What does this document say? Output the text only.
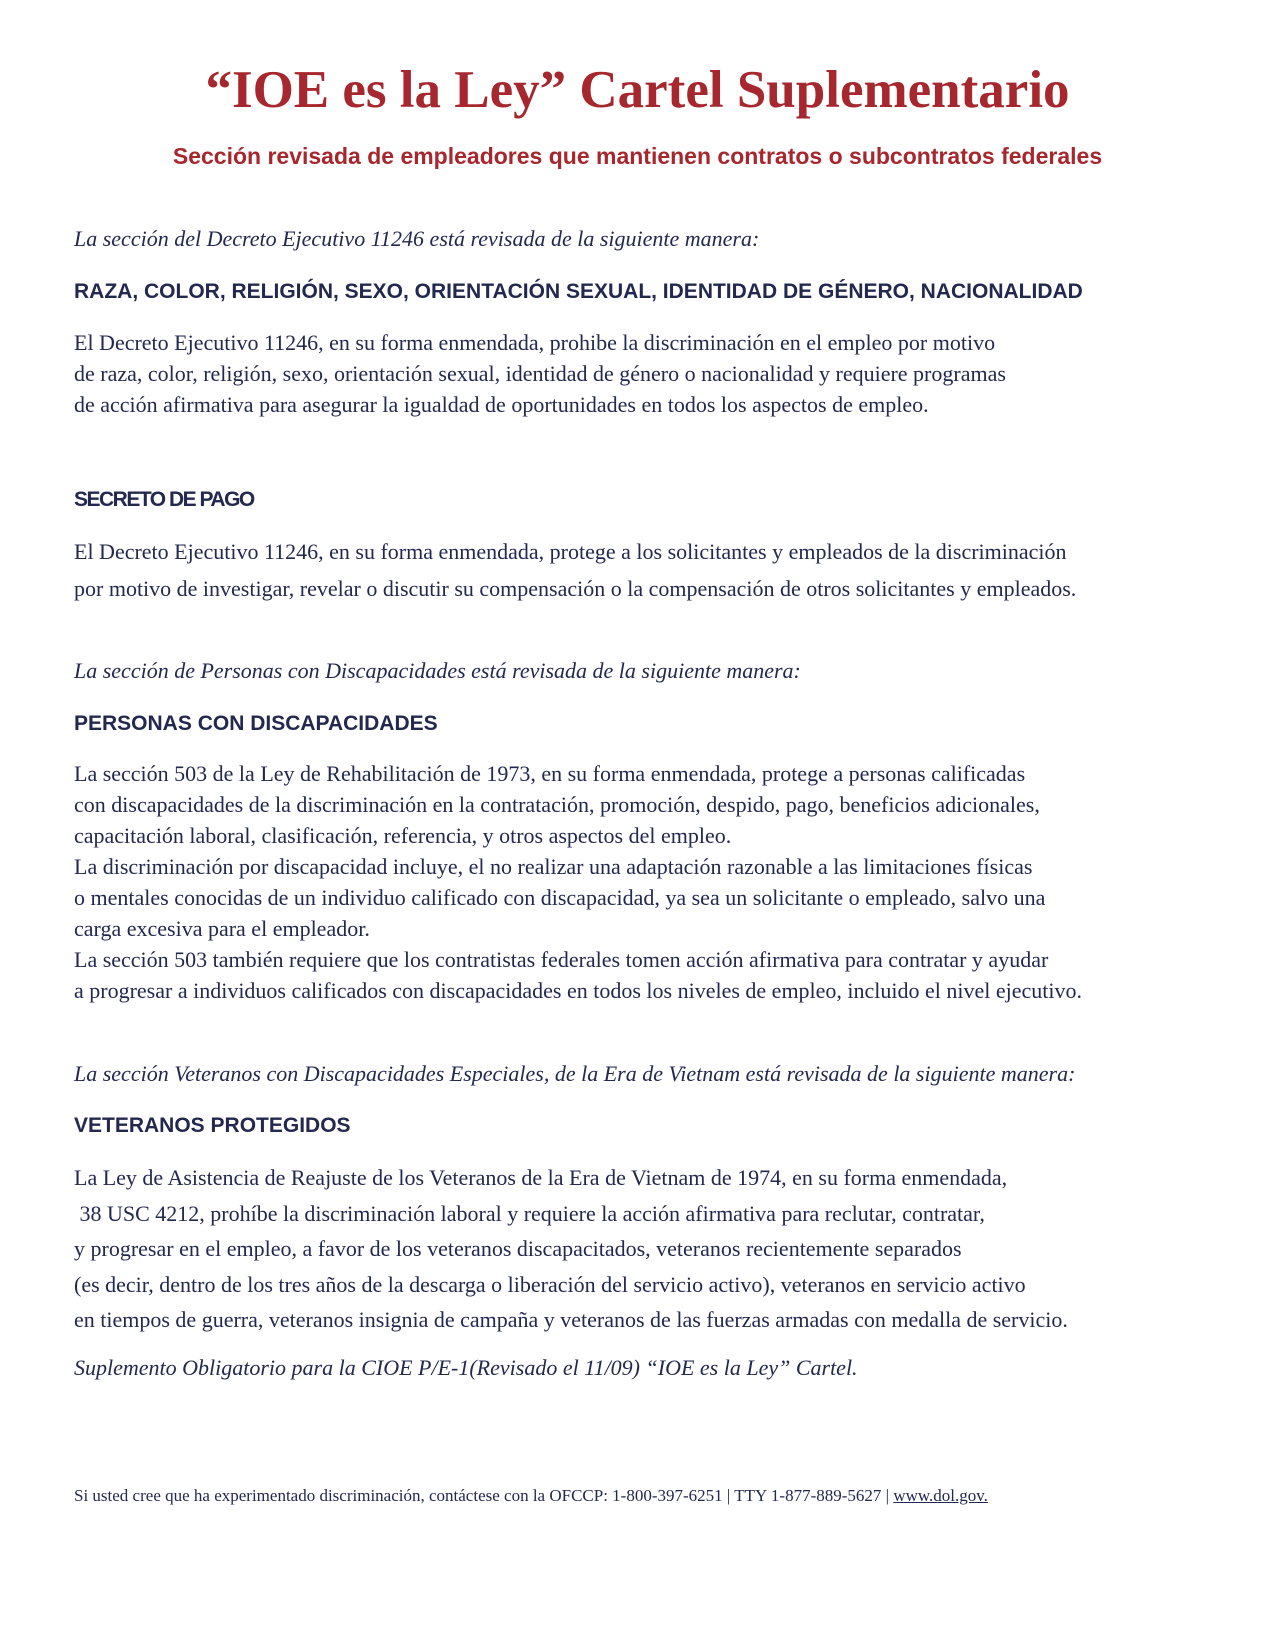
“IOE es la Ley” Cartel Suplementario
Sección revisada de empleadores que mantienen contratos o subcontratos federales

La sección del Decreto Ejecutivo 11246 está revisada de la siguiente manera:

RAZA, COLOR, RELIGIÓN, SEXO, ORIENTACIÓN SEXUAL, IDENTIDAD DE GÉNERO, NACIONALIDAD
El Decreto Ejecutivo 11246, en su forma enmendada, prohibe la discriminación en el empleo por motivo
de raza, color, religión, sexo, orientación sexual, identidad de género o nacionalidad y requiere programas
de acción afirmativa para asegurar la igualdad de oportunidades en todos los aspectos de empleo.
SECRETO DE PAGO
El Decreto Ejecutivo 11246, en su forma enmendada, protege a los solicitantes y empleados de la discriminación
por motivo de investigar, revelar o discutir su compensación o la compensación de otros solicitantes y empleados.

La sección de Personas con Discapacidades está revisada de la siguiente manera:

PERSONAS CON DISCAPACIDADES
La sección 503 de la Ley de Rehabilitación de 1973, en su forma enmendada, protege a personas calificadas
con discapacidades de la discriminación en la contratación, promoción, despido, pago, beneficios adicionales,
capacitación laboral, clasificación, referencia, y otros aspectos del empleo.
La discriminación por discapacidad incluye, el no realizar una adaptación razonable a las limitaciones físicas
o mentales conocidas de un individuo calificado con discapacidad, ya sea un solicitante o empleado, salvo una
carga excesiva para el empleador.
La sección 503 también requiere que los contratistas federales tomen acción afirmativa para contratar y ayudar
a progresar a individuos calificados con discapacidades en todos los niveles de empleo, incluido el nivel ejecutivo.

La sección Veteranos con Discapacidades Especiales, de la Era de Vietnam está revisada de la siguiente manera:

VETERANOS PROTEGIDOS
La Ley de Asistencia de Reajuste de los Veteranos de la Era de Vietnam de 1974, en su forma enmendada,
38 USC 4212, prohíbe la discriminación laboral y requiere la acción afirmativa para reclutar, contratar,
y progresar en el empleo, a favor de los veteranos discapacitados, veteranos recientemente separados
(es decir, dentro de los tres años de la descarga o liberación del servicio activo), veteranos en servicio activo
en tiempos de guerra, veteranos insignia de campaña y veteranos de las fuerzas armadas con medalla de servicio.

Suplemento Obligatorio para la CIOE P/E-1(Revisado el 11/09) “IOE es la Ley” Cartel.

Si usted cree que ha experimentado discriminación, contáctese con la OFCCP: 1-800-397-6251 | TTY 1-877-889-5627 | www.dol.gov.
